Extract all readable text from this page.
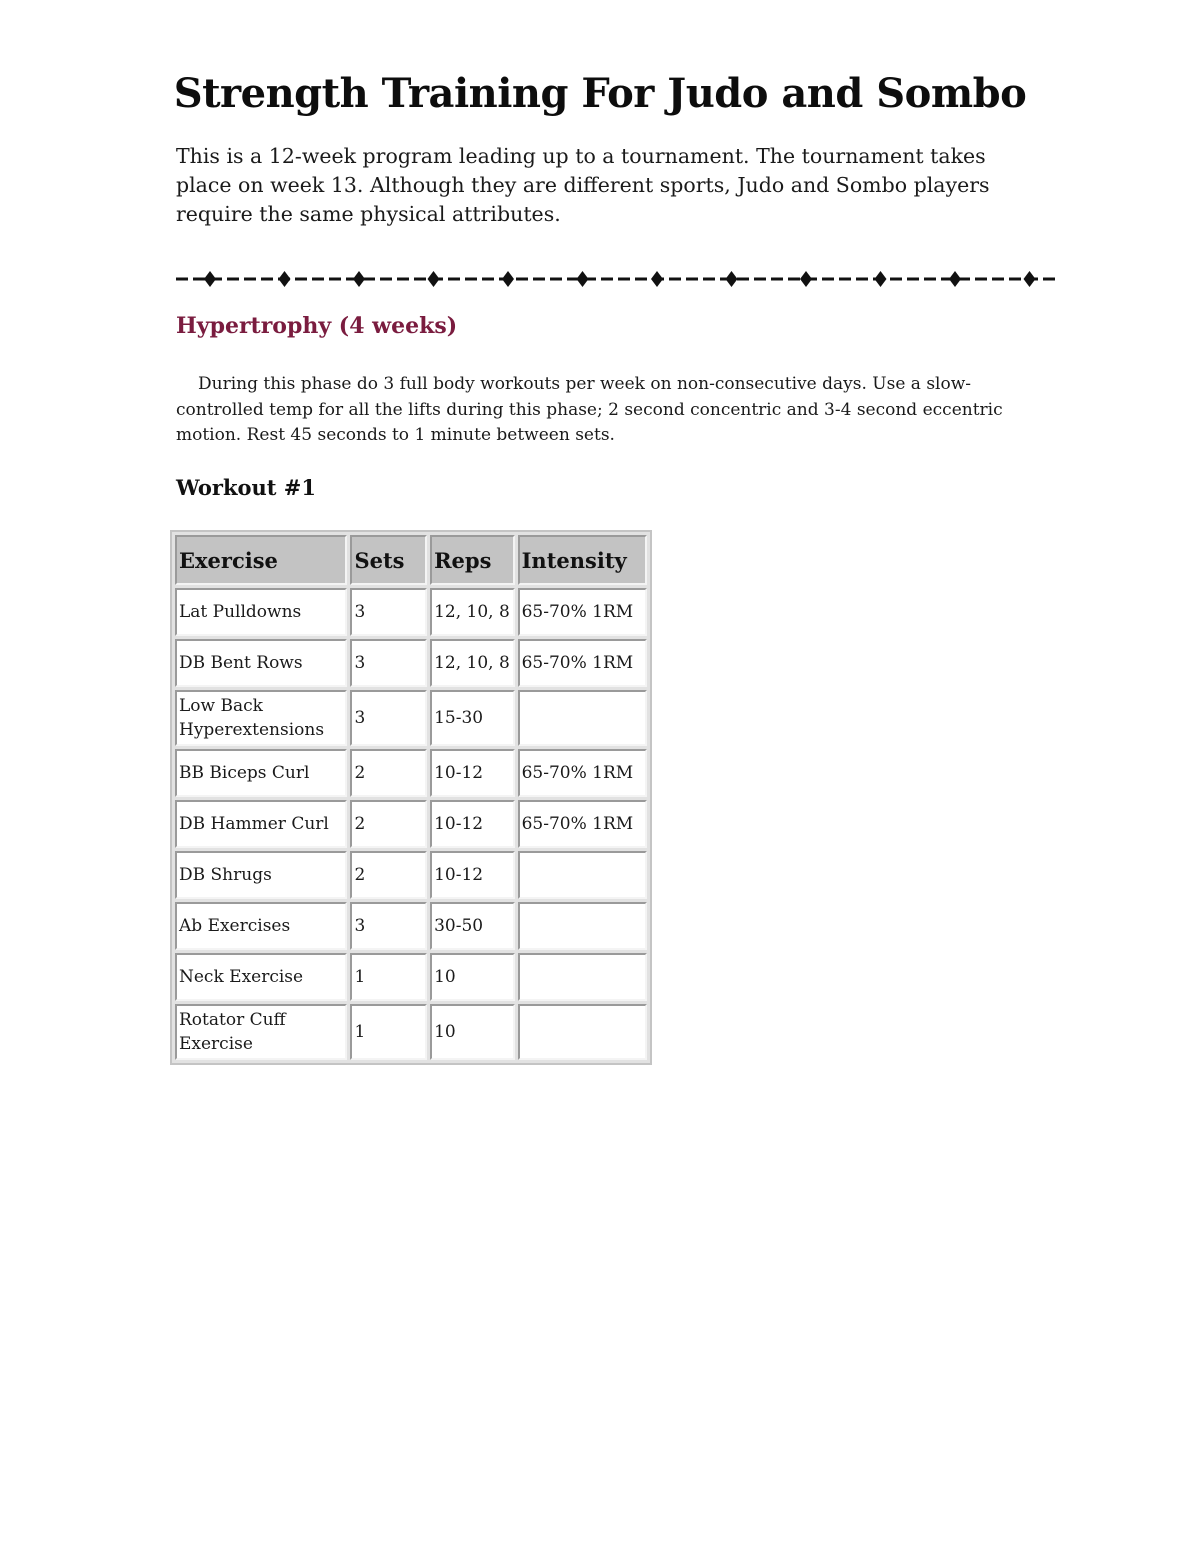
Strength Training For Judo and Sombo

This is a 12-week program leading up to a tournament. The tournament takes place on week 13. Although they are different sports, Judo and Sombo players require the same physical attributes.

Hypertrophy (4 weeks)

During this phase do 3 full body workouts per week on non-consecutive days. Use a slow-controlled temp for all the lifts during this phase; 2 second concentric and 3-4 second eccentric motion. Rest 45 seconds to 1 minute between sets.

Workout #1
Exercise	Sets	Reps	Intensity
Lat Pulldowns	3	12, 10, 8	65-70% 1RM
DB Bent Rows	3	12, 10, 8	65-70% 1RM
Low Back Hyperextensions	3	15-30	
BB Biceps Curl	2	10-12	65-70% 1RM
DB Hammer Curl	2	10-12	65-70% 1RM
DB Shrugs	2	10-12	
Ab Exercises	3	30-50	
Neck Exercise	1	10	
Rotator Cuff Exercise	1	10	
